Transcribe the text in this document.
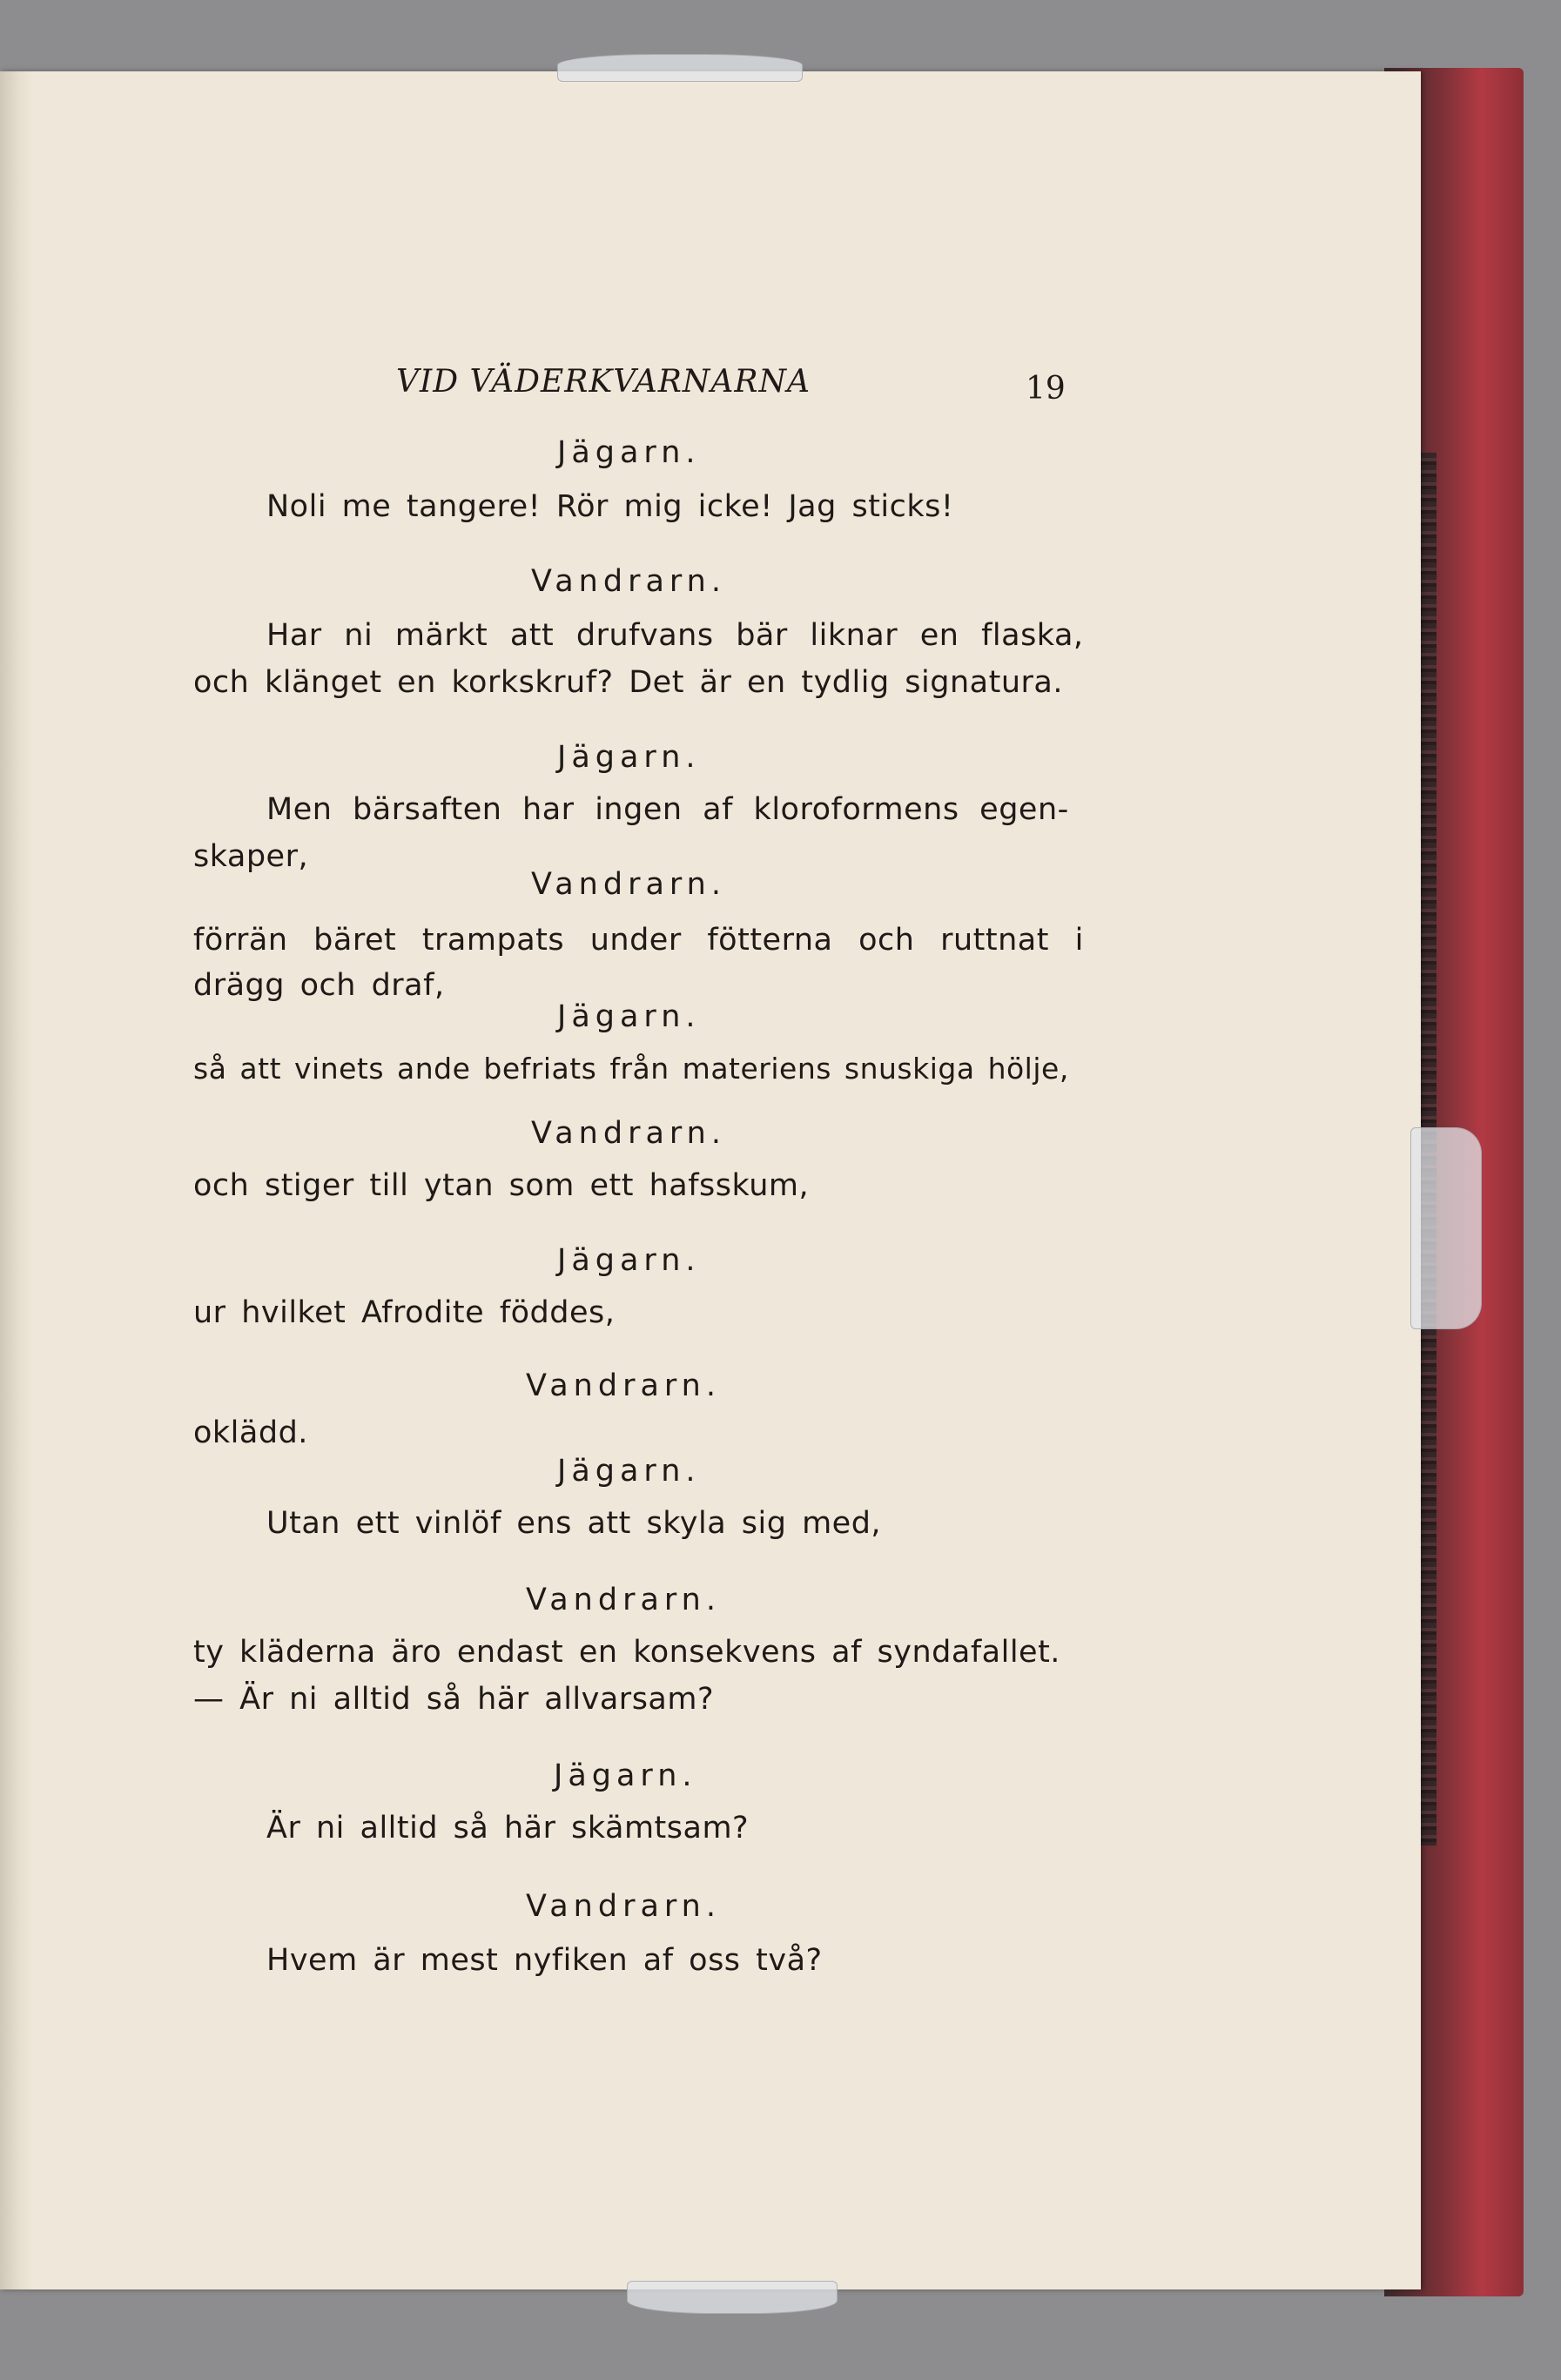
VID VÄDERKVARNARNA	19
Jägarn.
Noli me tangere! Rör mig icke! Jag sticks!
Vandrarn.
Har ni märkt att drufvans bär liknar en flaska,
och klänget en korkskruf? Det är en tydlig signatura.
Jägarn.
Men bärsaften har ingen af kloroformens egen-
skaper,
Vandrarn.
förrän bäret trampats under fötterna och ruttnat i
drägg och draf,
Jägarn.
så att vinets ande befriats från materiens snuskiga hölje,
Vandrarn.
och stiger till ytan som ett hafsskum,
Jägarn.
ur hvilket Afrodite föddes,
Vandrarn.
oklädd.
Jägarn.
Utan ett vinlöf ens att skyla sig med,
Vandrarn.
ty kläderna äro endast en konsekvens af syndafallet.
— Är ni alltid så här allvarsam?
Jägarn.
Är ni alltid så här skämtsam?
Vandrarn.
Hvem är mest nyfiken af oss två?
